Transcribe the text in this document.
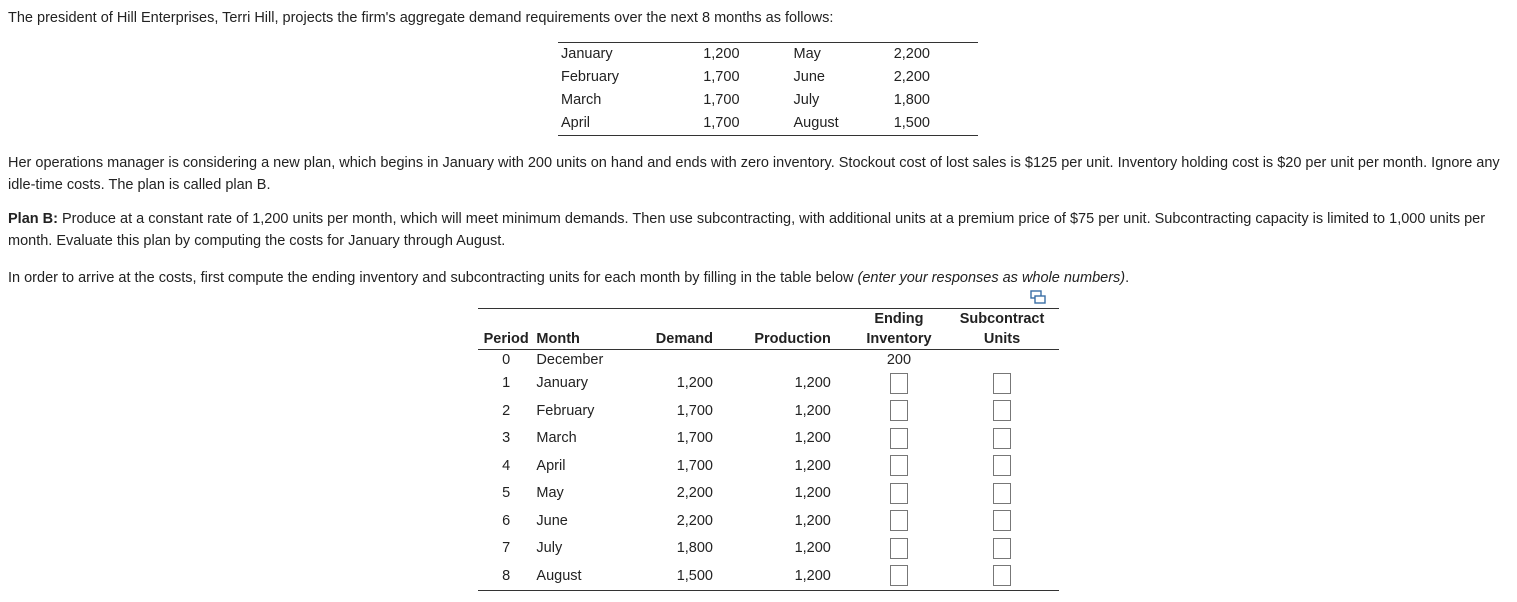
The president of Hill Enterprises, Terri Hill, projects the firm's aggregate demand requirements over the next 8 months as follows:
January	1,200	May	2,200
February	1,700	June	2,200
March	1,700	July	1,800
April	1,700	August	1,500
Her operations manager is considering a new plan, which begins in January with 200 units on hand and ends with zero inventory. Stockout cost of lost sales is $125 per unit. Inventory holding cost is $20 per unit per month. Ignore any idle-time costs. The plan is called plan B.
Plan B: Produce at a constant rate of 1,200 units per month, which will meet minimum demands. Then use subcontracting, with additional units at a premium price of $75 per unit. Subcontracting capacity is limited to 1,000 units per month. Evaluate this plan by computing the costs for January through August.
In order to arrive at the costs, first compute the ending inventory and subcontracting units for each month by filling in the table below (enter your responses as whole numbers).
				Ending	Subcontract
Period	Month	Demand	Production	Inventory	Units
0	December			200	
1	January	1,200	1,200		
2	February	1,700	1,200		
3	March	1,700	1,200		
4	April	1,700	1,200		
5	May	2,200	1,200		
6	June	2,200	1,200		
7	July	1,800	1,200		
8	August	1,500	1,200		
